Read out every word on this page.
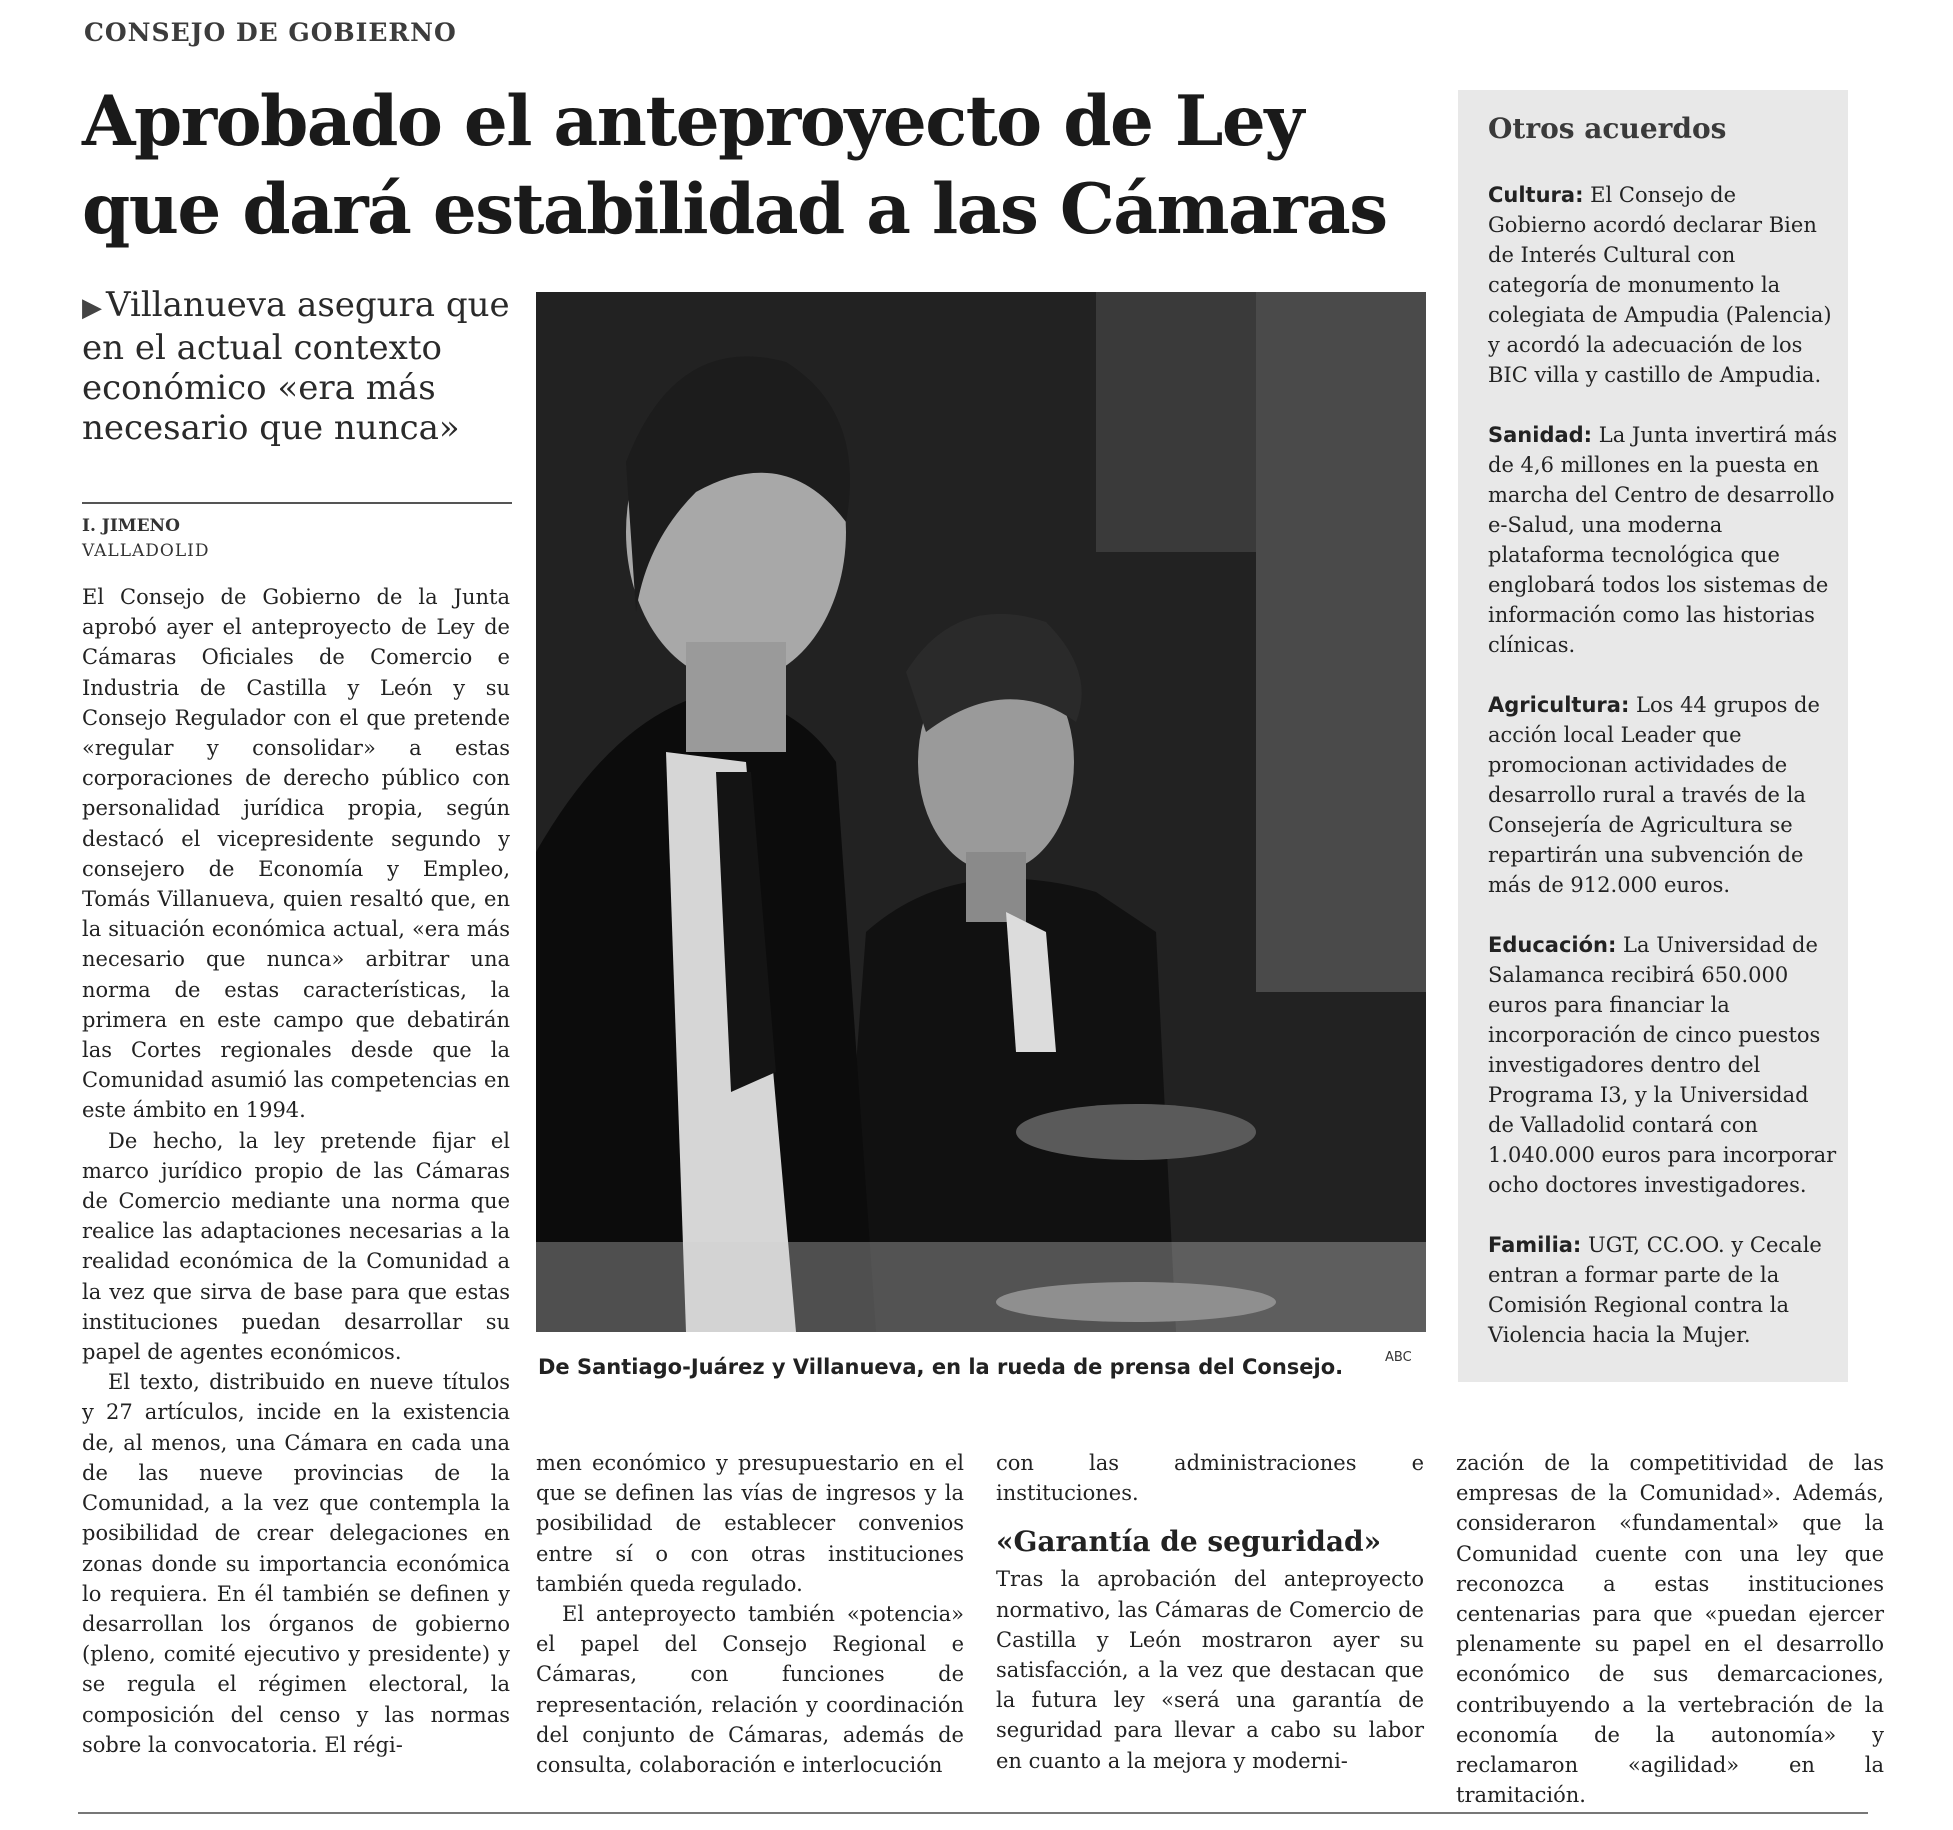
CONSEJO DE GOBIERNO
Aprobado el anteproyecto de Ley
que dará estabilidad a las Cámaras
▶ Villanueva asegura que en el actual contexto económico «era más necesario que nunca»
I. JIMENO
VALLADOLID

El Consejo de Gobierno de la Junta aprobó ayer el anteproyecto de Ley de Cámaras Oficiales de Comercio e Industria de Castilla y León y su Consejo Regulador con el que pretende «regular y consolidar» a estas corporaciones de derecho público con personalidad jurídica propia, según destacó el vicepresidente segundo y consejero de Economía y Empleo, Tomás Villanueva, quien resaltó que, en la situación económica actual, «era más necesario que nunca» arbitrar una norma de estas características, la primera en este campo que debatirán las Cortes regionales desde que la Comunidad asumió las competencias en este ámbito en 1994.

De hecho, la ley pretende fijar el marco jurídico propio de las Cámaras de Comercio mediante una norma que realice las adaptaciones necesarias a la realidad económica de la Comunidad a la vez que sirva de base para que estas instituciones puedan desarrollar su papel de agentes económicos.

El texto, distribuido en nueve títulos y 27 artículos, incide en la existencia de, al menos, una Cámara en cada una de las nueve provincias de la Comunidad, a la vez que contempla la posibilidad de crear delegaciones en zonas donde su importancia económica lo requiera. En él también se definen y desarrollan los órganos de gobierno (pleno, comité ejecutivo y presidente) y se regula el régimen electoral, la composición del censo y las normas sobre la convocatoria. El régi-

De Santiago-Juárez y Villanueva, en la rueda de prensa del Consejo.	ABC

men económico y presupuestario en el que se definen las vías de ingresos y la posibilidad de establecer convenios entre sí o con otras instituciones también queda regulado.

El anteproyecto también «potencia» el papel del Consejo Regional e Cámaras, con funciones de representación, relación y coordinación del conjunto de Cámaras, además de consulta, colaboración e interlocución

con las administraciones e instituciones.

«Garantía de seguridad»

Tras la aprobación del anteproyecto normativo, las Cámaras de Comercio de Castilla y León mostraron ayer su satisfacción, a la vez que destacan que la futura ley «será una garantía de seguridad para llevar a cabo su labor en cuanto a la mejora y moderni-

zación de la competitividad de las empresas de la Comunidad». Además, consideraron «fundamental» que la Comunidad cuente con una ley que reconozca a estas instituciones centenarias para que «puedan ejercer plenamente su papel en el desarrollo económico de sus demarcaciones, contribuyendo a la vertebración de la economía de la autonomía» y reclamaron «agilidad» en la tramitación.

Otros acuerdos
Cultura: El Consejo de Gobierno acordó declarar Bien de Interés Cultural con categoría de monumento la colegiata de Ampudia (Palencia) y acordó la adecuación de los BIC villa y castillo de Ampudia.
Sanidad: La Junta invertirá más de 4,6 millones en la puesta en marcha del Centro de desarrollo e-Salud, una moderna plataforma tecnológica que englobará todos los sistemas de información como las historias clínicas.
Agricultura: Los 44 grupos de acción local Leader que promocionan actividades de desarrollo rural a través de la Consejería de Agricultura se repartirán una subvención de más de 912.000 euros.
Educación: La Universidad de Salamanca recibirá 650.000 euros para financiar la incorporación de cinco puestos investigadores dentro del Programa I3, y la Universidad de Valladolid contará con 1.040.000 euros para incorporar ocho doctores investigadores.
Familia: UGT, CC.OO. y Cecale entran a formar parte de la Comisión Regional contra la Violencia hacia la Mujer.
